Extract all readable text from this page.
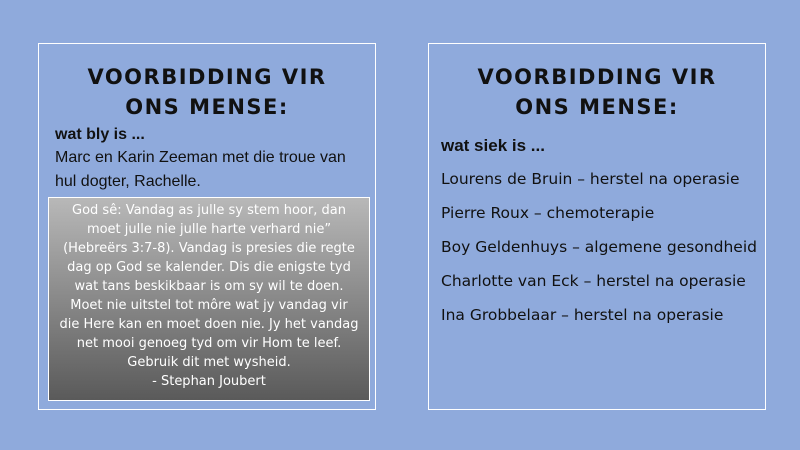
VOORBIDDING VIR
ONS MENSE:
wat bly is ...
Marc en Karin Zeeman met die troue van hul dogter, Rachelle.
God sê: Vandag as julle sy stem hoor, dan
moet julle nie julle harte verhard nie”
(Hebreërs 3:7-8). Vandag is presies die regte
dag op God se kalender. Dis die enigste tyd
wat tans beskikbaar is om sy wil te doen.
Moet nie uitstel tot môre wat jy vandag vir
die Here kan en moet doen nie. Jy het vandag
net mooi genoeg tyd om vir Hom te leef.
Gebruik dit met wysheid.
- Stephan Joubert
VOORBIDDING VIR
ONS MENSE:
wat siek is ...
Lourens de Bruin – herstel na operasie
Pierre Roux – chemoterapie
Boy Geldenhuys – algemene gesondheid
Charlotte van Eck – herstel na operasie
Ina Grobbelaar – herstel na operasie
